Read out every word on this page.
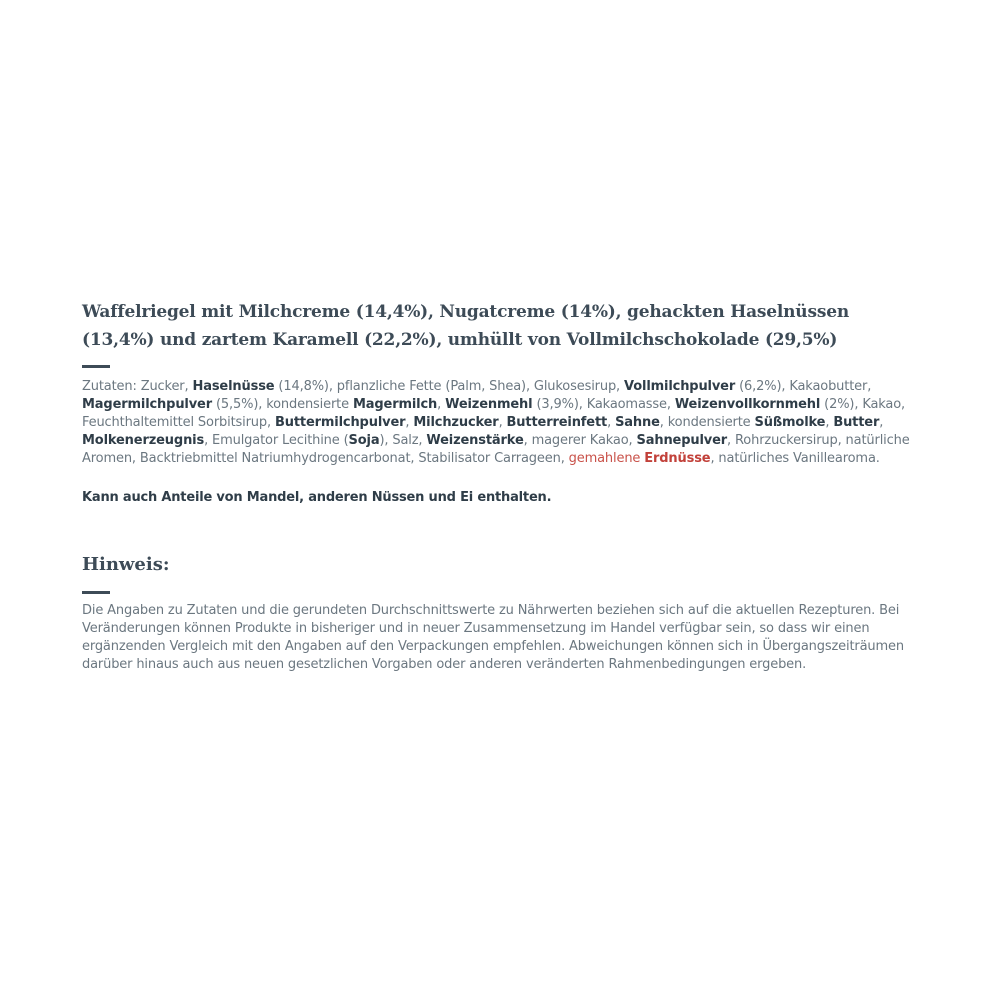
Waffelriegel mit Milchcreme (14,4%), Nugatcreme (14%), gehackten Haselnüssen (13,4%) und zartem Karamell (22,2%), umhüllt von Vollmilchschokolade (29,5%)

Zutaten: Zucker, Haselnüsse (14,8%), pflanzliche Fette (Palm, Shea), Glukosesirup, Vollmilchpulver (6,2%), Kakaobutter, Magermilchpulver (5,5%), kondensierte Magermilch, Weizenmehl (3,9%), Kakaomasse, Weizenvollkornmehl (2%), Kakao, Feuchthaltemittel Sorbitsirup, Buttermilchpulver, Milchzucker, Butterreinfett, Sahne, kondensierte Süßmolke, Butter, Molkenerzeugnis, Emulgator Lecithine (Soja), Salz, Weizenstärke, magerer Kakao, Sahnepulver, Rohrzuckersirup, natürliche Aromen, Backtriebmittel Natriumhydrogencarbonat, Stabilisator Carrageen, gemahlene Erdnüsse, natürliches Vanillearoma.

Kann auch Anteile von Mandel, anderen Nüssen und Ei enthalten.

Hinweis:

Die Angaben zu Zutaten und die gerundeten Durchschnittswerte zu Nährwerten beziehen sich auf die aktuellen Rezepturen. Bei Veränderungen können Produkte in bisheriger und in neuer Zusammensetzung im Handel verfügbar sein, so dass wir einen ergänzenden Vergleich mit den Angaben auf den Verpackungen empfehlen. Abweichungen können sich in Übergangszeiträumen darüber hinaus auch aus neuen gesetzlichen Vorgaben oder anderen veränderten Rahmenbedingungen ergeben.
